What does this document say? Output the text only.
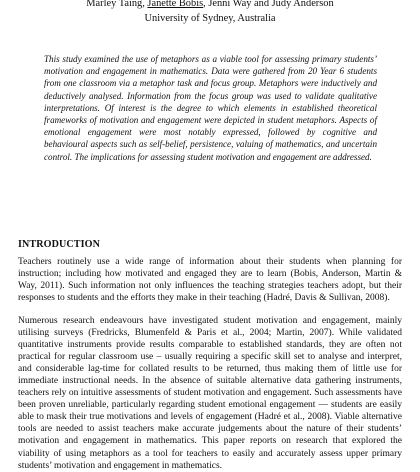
Marley Taing, Janette Bobis, Jenni Way and Judy Anderson
University of Sydney, Australia
This study examined the use of metaphors as a viable tool for assessing primary students’ motivation and engagement in mathematics. Data were gathered from 20 Year 6 students from one classroom via a metaphor task and focus group. Metaphors were inductively and deductively analysed. Information from the focus group was used to validate qualitative interpretations. Of interest is the degree to which elements in established theoretical frameworks of motivation and engagement were depicted in student metaphors. Aspects of emotional engagement were most notably expressed, followed by cognitive and behavioural aspects such as self-belief, persistence, valuing of mathematics, and uncertain control. The implications for assessing student motivation and engagement are addressed.
INTRODUCTION
Teachers routinely use a wide range of information about their students when planning for instruction; including how motivated and engaged they are to learn (Bobis, Anderson, Martin & Way, 2011). Such information not only influences the teaching strategies teachers adopt, but their responses to students and the efforts they make in their teaching (Hadré, Davis & Sullivan, 2008).
Numerous research endeavours have investigated student motivation and engagement, mainly utilising surveys (Fredricks, Blumenfeld & Paris et al., 2004; Martin, 2007). While validated quantitative instruments provide results comparable to established standards, they are often not practical for regular classroom use – usually requiring a specific skill set to analyse and interpret, and considerable lag-time for collated results to be returned, thus making them of little use for immediate instructional needs. In the absence of suitable alternative data gathering instruments, teachers rely on intuitive assessments of student motivation and engagement. Such assessments have been proven unreliable, particularly regarding student emotional engagement — students are easily able to mask their true motivations and levels of engagement (Hadré et al., 2008). Viable alternative tools are needed to assist teachers make accurate judgements about the nature of their students’ motivation and engagement in mathematics. This paper reports on research that explored the viability of using metaphors as a tool for teachers to easily and accurately assess upper primary students’ motivation and engagement in mathematics.
